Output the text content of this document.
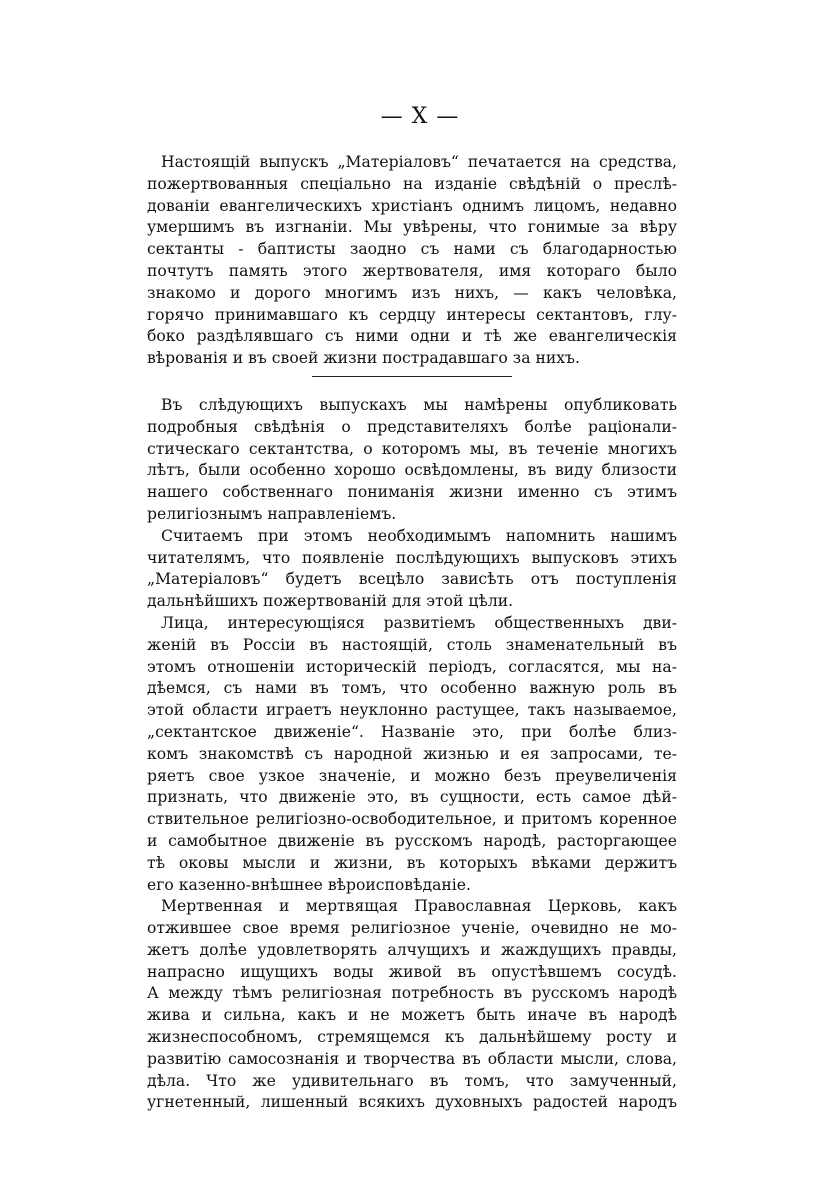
— X —
Настоящій выпускъ „Матеріаловъ“ печатается на средства,
пожертвованныя спеціально на изданіе свѣдѣній о преслѣ-
дованіи евангелическихъ христіанъ однимъ лицомъ, недавно
умершимъ въ изгнаніи. Мы увѣрены, что гонимые за вѣру
сектанты - баптисты заодно съ нами съ благодарностью
почтутъ память этого жертвователя, имя котораго было
знакомо и дорого многимъ изъ нихъ, — какъ человѣка,
горячо принимавшаго къ сердцу интересы сектантовъ, глу-
боко раздѣлявшаго съ ними одни и тѣ же евангелическія
вѣрованія и въ своей жизни пострадавшаго за нихъ.
Въ слѣдующихъ выпускахъ мы намѣрены опубликовать
подробныя свѣдѣнія о представителяхъ болѣе раціонали-
стическаго сектантства, о которомъ мы, въ теченіе многихъ
лѣтъ, были особенно хорошо освѣдомлены, въ виду близости
нашего собственнаго пониманія жизни именно съ этимъ
религіознымъ направленіемъ.
Считаемъ при этомъ необходимымъ напомнить нашимъ
читателямъ, что появленіе послѣдующихъ выпусковъ этихъ
„Матеріаловъ“ будетъ всецѣло зависѣть отъ поступленія
дальнѣйшихъ пожертвованій для этой цѣли.
Лица, интересующіяся развитіемъ общественныхъ дви-
женій въ Россіи въ настоящій, столь знаменательный въ
этомъ отношеніи историческій періодъ, согласятся, мы на-
дѣемся, съ нами въ томъ, что особенно важную роль въ
этой области играетъ неуклонно растущее, такъ называемое,
„сектантское движеніе“. Названіе это, при болѣе близ-
комъ знакомствѣ съ народной жизнью и ея запросами, те-
ряетъ свое узкое значеніе, и можно безъ преувеличенія
признать, что движеніе это, въ сущности, есть самое дѣй-
ствительное религіозно-освободительное, и притомъ коренное
и самобытное движеніе въ русскомъ народѣ, расторгающее
тѣ оковы мысли и жизни, въ которыхъ вѣками держитъ
его казенно-внѣшнее вѣроисповѣданіе.
Мертвенная и мертвящая Православная Церковь, какъ
отжившее свое время религіозное ученіе, очевидно не мо-
жетъ долѣе удовлетворять алчущихъ и жаждущихъ правды,
напрасно ищущихъ воды живой въ опустѣвшемъ сосудѣ.
А между тѣмъ религіозная потребность въ русскомъ народѣ
жива и сильна, какъ и не можетъ быть иначе въ народѣ
жизнеспособномъ, стремящемся къ дальнѣйшему росту и
развитію самосознанія и творчества въ области мысли, слова,
дѣла. Что же удивительнаго въ томъ, что замученный,
угнетенный, лишенный всякихъ духовныхъ радостей народъ
